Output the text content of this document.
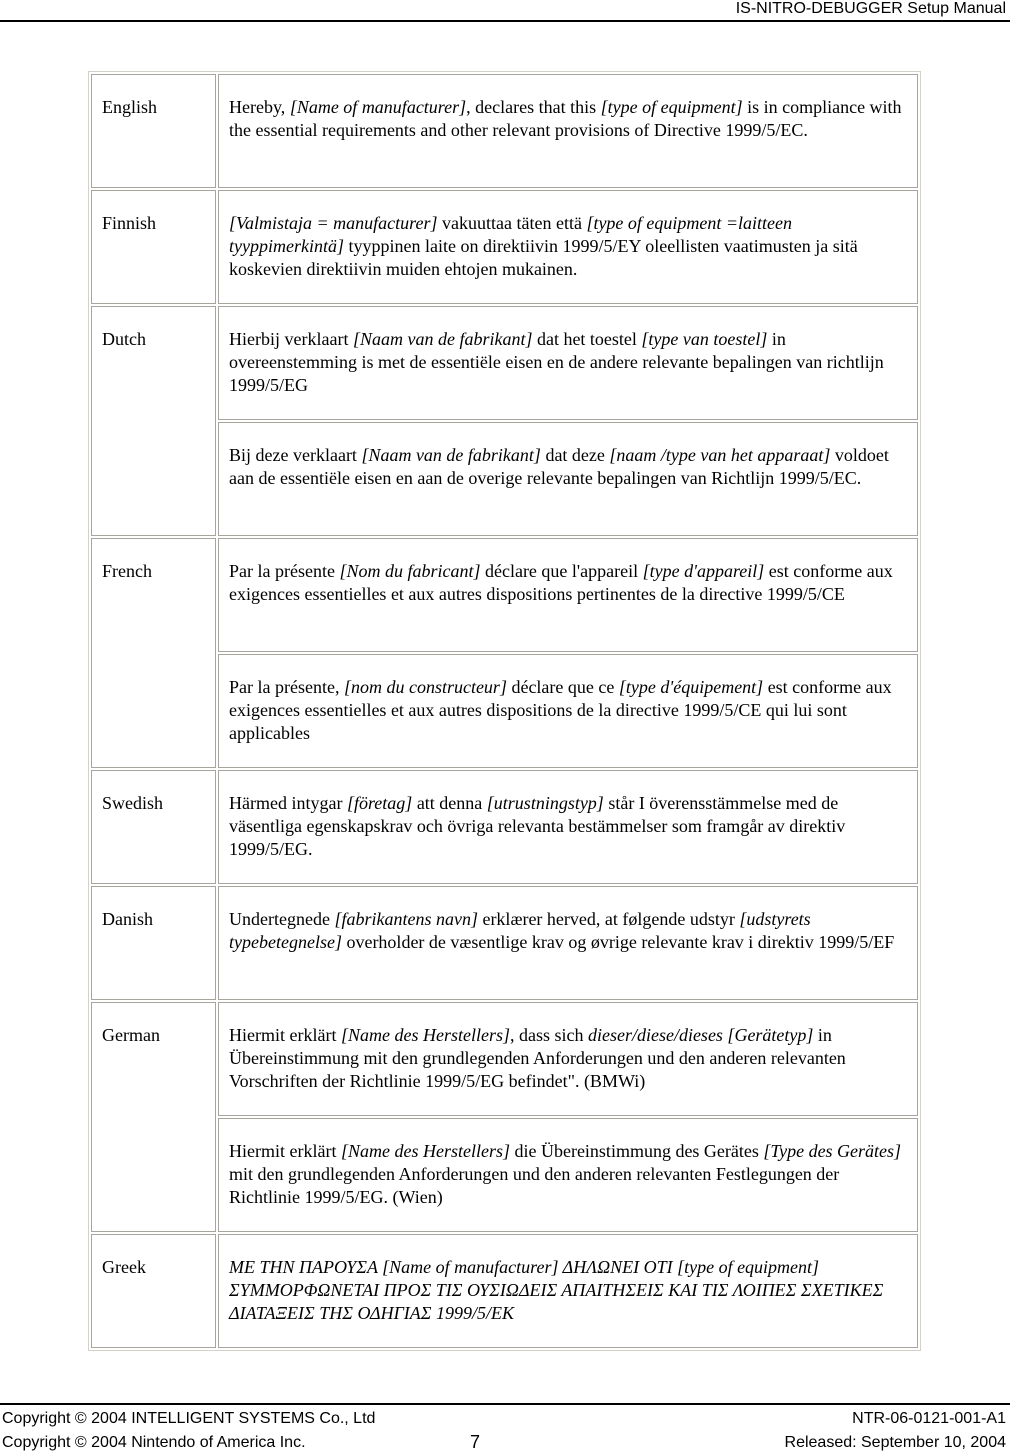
IS-NITRO-DEBUGGER Setup Manual
English	Hereby, [Name of manufacturer], declares that this [type of equipment] is in compliance with the essential requirements and other relevant provisions of Directive 1999/5/EC.
Finnish	[Valmistaja = manufacturer] vakuuttaa täten että [type of equipment =laitteen tyyppimerkintä] tyyppinen laite on direktiivin 1999/5/EY oleellisten vaatimusten ja sitä koskevien direktiivin muiden ehtojen mukainen.
Dutch	Hierbij verklaart [Naam van de fabrikant] dat het toestel [type van toestel] in overeenstemming is met de essentiële eisen en de andere relevante bepalingen van richtlijn 1999/5/EG
	Bij deze verklaart [Naam van de fabrikant] dat deze [naam /type van het apparaat] voldoet aan de essentiële eisen en aan de overige relevante bepalingen van Richtlijn 1999/5/EC.
French	Par la présente [Nom du fabricant] déclare que l'appareil [type d'appareil] est conforme aux exigences essentielles et aux autres dispositions pertinentes de la directive 1999/5/CE
	Par la présente, [nom du constructeur] déclare que ce [type d'équipement] est conforme aux exigences essentielles et aux autres dispositions de la directive 1999/5/CE qui lui sont applicables
Swedish	Härmed intygar [företag] att denna [utrustningstyp] står I överensstämmelse med de väsentliga egenskapskrav och övriga relevanta bestämmelser som framgår av direktiv 1999/5/EG.
Danish	Undertegnede [fabrikantens navn] erklærer herved, at følgende udstyr [udstyrets typebetegnelse] overholder de væsentlige krav og øvrige relevante krav i direktiv 1999/5/EF
German	Hiermit erklärt [Name des Herstellers], dass sich dieser/diese/dieses [Gerätetyp] in Übereinstimmung mit den grundlegenden Anforderungen und den anderen relevanten Vorschriften der Richtlinie 1999/5/EG befindet". (BMWi)
	Hiermit erklärt [Name des Herstellers] die Übereinstimmung des Gerätes [Type des Gerätes] mit den grundlegenden Anforderungen und den anderen relevanten Festlegungen der Richtlinie 1999/5/EG. (Wien)
Greek	ΜΕ ΤΗΝ ΠΑΡΟΥΣΑ [Name of manufacturer] ΔΗΛΩΝΕΙ ΟΤΙ [type of equipment] ΣΥΜΜΟΡΦΩΝΕΤΑΙ ΠΡΟΣ ΤΙΣ ΟΥΣΙΩΔΕΙΣ ΑΠΑΙΤΗΣΕΙΣ ΚΑΙ ΤΙΣ ΛΟΙΠΕΣ ΣΧΕΤΙΚΕΣ ΔΙΑΤΑΞΕΙΣ ΤΗΣ ΟΔΗΓΙΑΣ 1999/5/ΕΚ
Copyright © 2004 INTELLIGENT SYSTEMS Co., Ltd
Copyright © 2004 Nintendo of America Inc.	7
NTR-06-0121-001-A1
Released: September 10, 2004
